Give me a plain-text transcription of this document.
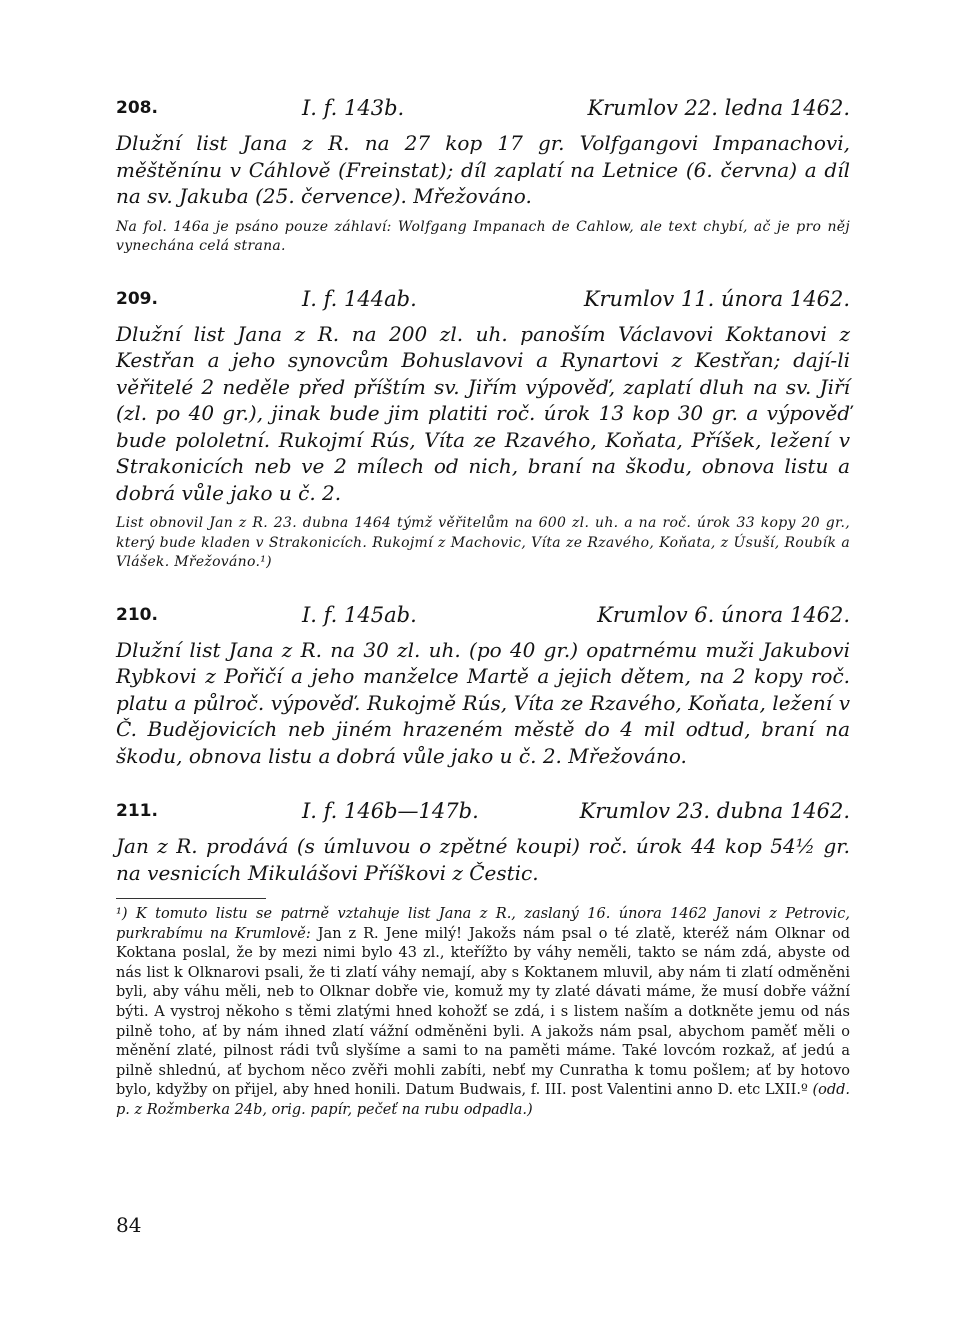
208.	I. f. 143b.	Krumlov 22. ledna 1462.

Dlužní list Jana z R. na 27 kop 17 gr. Volfgangovi Impanachovi, měštěnínu v Cáhlově (Freinstat); díl zaplatí na Letnice (6. června) a díl na sv. Jakuba (25. července). Mřežováno.

Na fol. 146a je psáno pouze záhlaví: Wolfgang Impanach de Cahlow, ale text chybí, ač je pro něj vynechána celá strana.

209.	I. f. 144ab.	Krumlov 11. února 1462.

Dlužní list Jana z R. na 200 zl. uh. panoším Václavovi Koktanovi z Kestřan a jeho synovcům Bohuslavovi a Rynartovi z Kestřan; dají-li věřitelé 2 neděle před příštím sv. Jiřím výpověď, zaplatí dluh na sv. Jiří (zl. po 40 gr.), jinak bude jim platiti roč. úrok 13 kop 30 gr. a výpověď bude pololetní. Rukojmí Rús, Víta ze Rzavého, Koňata, Příšek, ležení v Strakonicích neb ve 2 mílech od nich, braní na škodu, obnova listu a dobrá vůle jako u č. 2.

List obnovil Jan z R. 23. dubna 1464 týmž věřitelům na 600 zl. uh. a na roč. úrok 33 kopy 20 gr., který bude kladen v Strakonicích. Rukojmí z Machovic, Víta ze Rzavého, Koňata, z Úsuší, Roubík a Vlášek. Mřežováno.¹)

210.	I. f. 145ab.	Krumlov 6. února 1462.

Dlužní list Jana z R. na 30 zl. uh. (po 40 gr.) opatrnému muži Jakubovi Rybkovi z Pořičí a jeho manželce Martě a jejich dětem, na 2 kopy roč. platu a půlroč. výpověď. Rukojmě Rús, Víta ze Rzavého, Koňata, ležení v Č. Budějovicích neb jiném hrazeném městě do 4 mil odtud, braní na škodu, obnova listu a dobrá vůle jako u č. 2. Mřežováno.

211.	I. f. 146b—147b.	Krumlov 23. dubna 1462.

Jan z R. prodává (s úmluvou o zpětné koupi) roč. úrok 44 kop 54½ gr. na vesnicích Mikulášovi Příškovi z Čestic.

¹) K tomuto listu se patrně vztahuje list Jana z R., zaslaný 16. února 1462 Janovi z Petrovic, purkrabímu na Krumlově: Jan z R. Jene milý! Jakožs nám psal o té zlatě, kteréž nám Olknar od Koktana poslal, že by mezi nimi bylo 43 zl., kteřížto by váhy neměli, takto se nám zdá, abyste od nás list k Olknarovi psali, že ti zlatí váhy nemají, aby s Koktanem mluvil, aby nám ti zlatí odměněni byli, aby váhu měli, neb to Olknar dobře vie, komuž my ty zlaté dávati máme, že musí dobře vážní býti. A vystroj někoho s těmi zlatými hned kohožť se zdá, i s listem naším a dotkněte jemu od nás pilně toho, ať by nám ihned zlatí vážní odměněni byli. A jakožs nám psal, abychom paměť měli o měnění zlaté, pilnost rádi tvů slyšíme a sami to na paměti máme. Také lovcóm rozkaž, ať jedú a pilně shlednú, ať bychom něco zvěři mohli zabíti, nebť my Cunratha k tomu pošlem; ať by hotovo bylo, kdyžby on přijel, aby hned honili. Datum Budwais, f. III. post Valentini anno D. etc LXII.º (odd. p. z Rožmberka 24b, orig. papír, pečeť na rubu odpadla.)

84
